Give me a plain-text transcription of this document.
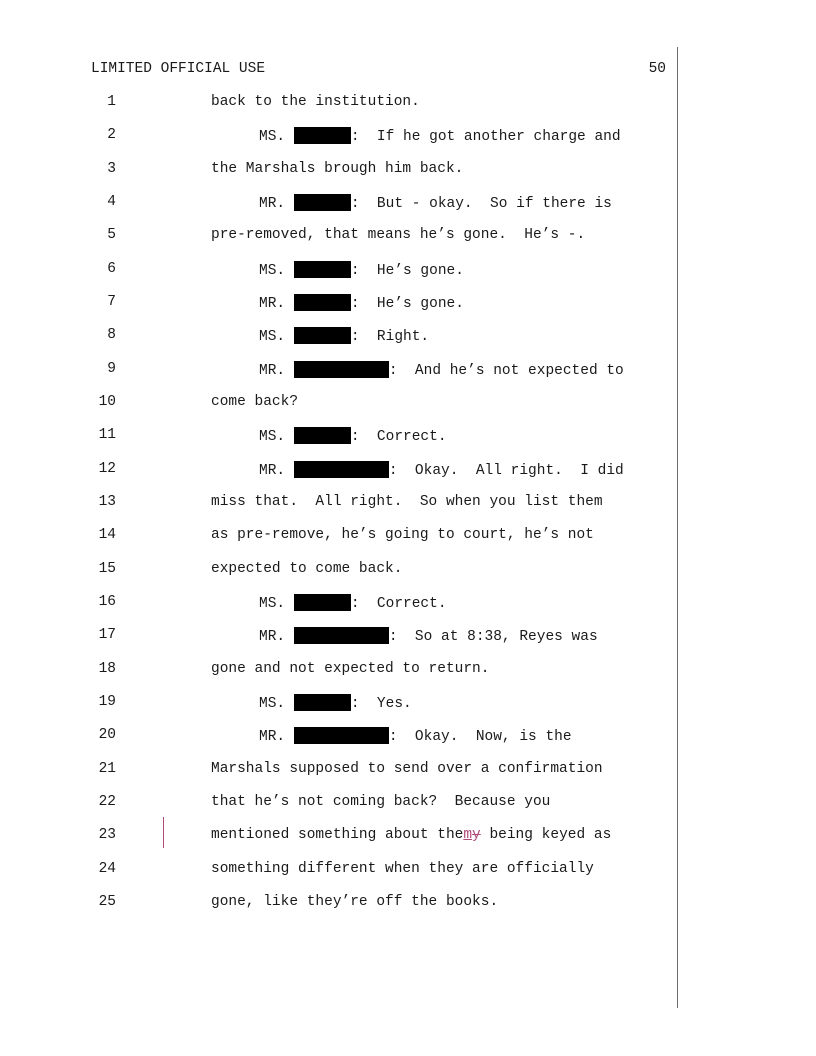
LIMITED OFFICIAL USE	50
1	back to the institution.
2	MS.	:  If he got another charge and
3	the Marshals brough him back.
4	MR.	:  But - okay.  So if there is
5	pre-removed, that means he’s gone.  He’s -.
6	MS.	:  He’s gone.
7	MR.	:  He’s gone.
8	MS.	:  Right.
9	MR.	:  And he’s not expected to
10	come back?
11	MS.	:  Correct.
12	MR.	:  Okay.  All right.  I did
13	miss that.  All right.  So when you list them
14	as pre-remove, he’s going to court, he’s not
15	expected to come back.
16	MS.	:  Correct.
17	MR.	:  So at 8:38, Reyes was
18	gone and not expected to return.
19	MS.	:  Yes.
20	MR.	:  Okay.  Now, is the
21	Marshals supposed to send over a confirmation
22	that he’s not coming back?  Because you
23	mentioned something about themy being keyed as
24	something different when they are officially
25	gone, like they’re off the books.
